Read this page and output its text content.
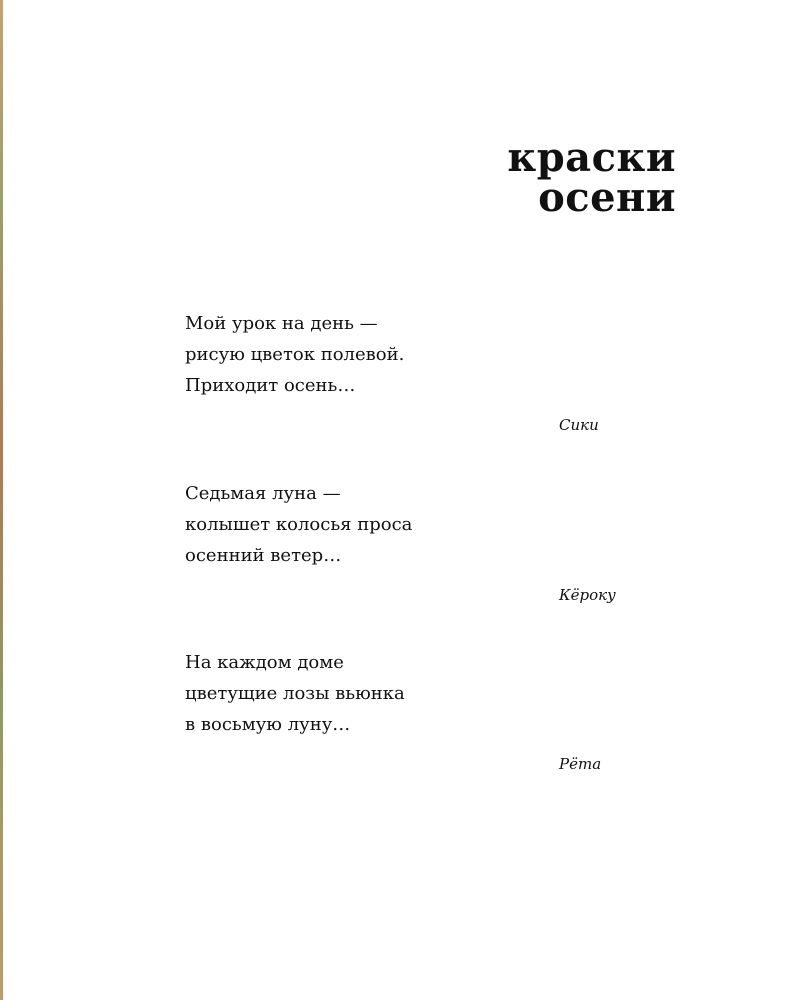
краски
осени
Мой урок на день —
рисую цветок полевой.
Приходит осень…
Сики
Седьмая луна —
колышет колосья проса
осенний ветер…
Кёроку
На каждом доме
цветущие лозы вьюнка
в восьмую луну…
Рёта
